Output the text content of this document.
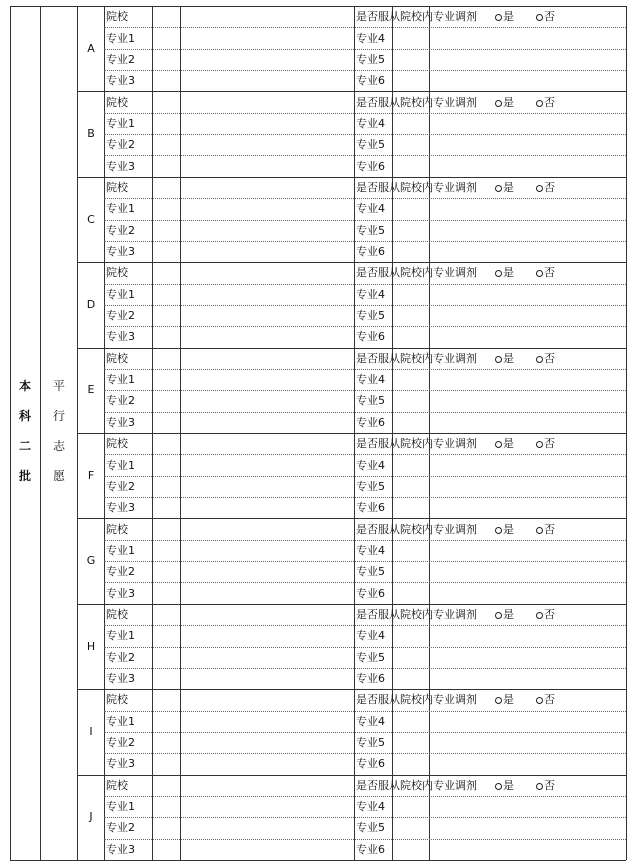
本
科
二
批
平
行
志
愿
A
院校	是否服从院校内专业调剂	是	否
专业1	专业4
专业2	专业5
专业3	专业6
B
院校	是否服从院校内专业调剂	是	否
专业1	专业4
专业2	专业5
专业3	专业6
C
院校	是否服从院校内专业调剂	是	否
专业1	专业4
专业2	专业5
专业3	专业6
D
院校	是否服从院校内专业调剂	是	否
专业1	专业4
专业2	专业5
专业3	专业6
E
院校	是否服从院校内专业调剂	是	否
专业1	专业4
专业2	专业5
专业3	专业6
F
院校	是否服从院校内专业调剂	是	否
专业1	专业4
专业2	专业5
专业3	专业6
G
院校	是否服从院校内专业调剂	是	否
专业1	专业4
专业2	专业5
专业3	专业6
H
院校	是否服从院校内专业调剂	是	否
专业1	专业4
专业2	专业5
专业3	专业6
I
院校	是否服从院校内专业调剂	是	否
专业1	专业4
专业2	专业5
专业3	专业6
J
院校	是否服从院校内专业调剂	是	否
专业1	专业4
专业2	专业5
专业3	专业6
